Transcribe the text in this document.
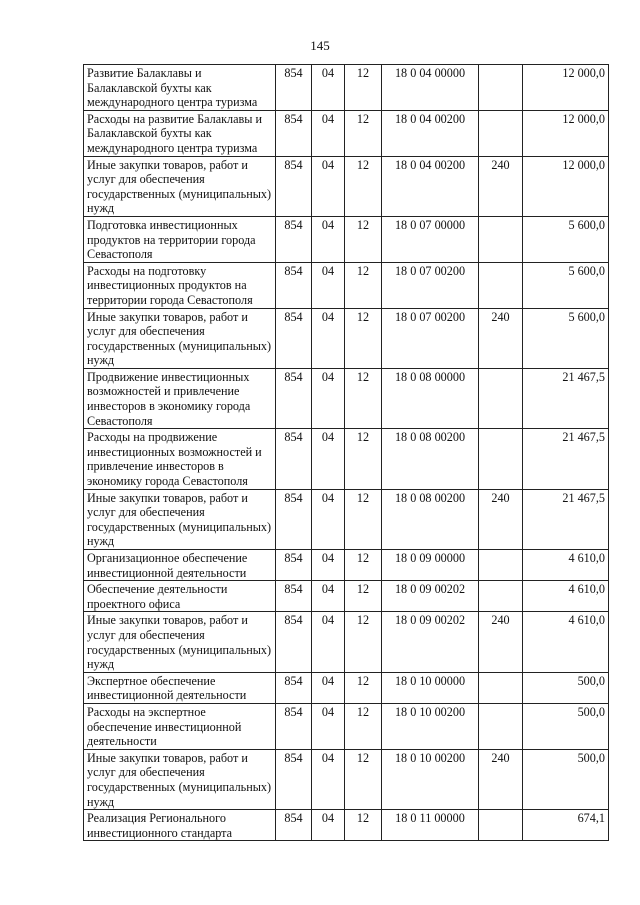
145
Развитие Балаклавы и Балаклавской бухты как международного центра туризма	854	04	12	18 0 04 00000		12 000,0
Расходы на развитие Балаклавы и Балаклавской бухты как международного центра туризма	854	04	12	18 0 04 00200		12 000,0
Иные закупки товаров, работ и услуг для обеспечения государственных (муниципальных) нужд	854	04	12	18 0 04 00200	240	12 000,0
Подготовка инвестиционных продуктов на территории города Севастополя	854	04	12	18 0 07 00000		5 600,0
Расходы на подготовку инвестиционных продуктов на территории города Севастополя	854	04	12	18 0 07 00200		5 600,0
Иные закупки товаров, работ и услуг для обеспечения государственных (муниципальных) нужд	854	04	12	18 0 07 00200	240	5 600,0
Продвижение инвестиционных возможностей и привлечение инвесторов в экономику города Севастополя	854	04	12	18 0 08 00000		21 467,5
Расходы на продвижение инвестиционных возможностей и привлечение инвесторов в экономику города Севастополя	854	04	12	18 0 08 00200		21 467,5
Иные закупки товаров, работ и услуг для обеспечения государственных (муниципальных) нужд	854	04	12	18 0 08 00200	240	21 467,5
Организационное обеспечение инвестиционной деятельности	854	04	12	18 0 09 00000		4 610,0
Обеспечение деятельности проектного офиса	854	04	12	18 0 09 00202		4 610,0
Иные закупки товаров, работ и услуг для обеспечения государственных (муниципальных) нужд	854	04	12	18 0 09 00202	240	4 610,0
Экспертное обеспечение инвестиционной деятельности	854	04	12	18 0 10 00000		500,0
Расходы на экспертное обеспечение инвестиционной деятельности	854	04	12	18 0 10 00200		500,0
Иные закупки товаров, работ и услуг для обеспечения государственных (муниципальных) нужд	854	04	12	18 0 10 00200	240	500,0
Реализация Регионального инвестиционного стандарта	854	04	12	18 0 11 00000		674,1
